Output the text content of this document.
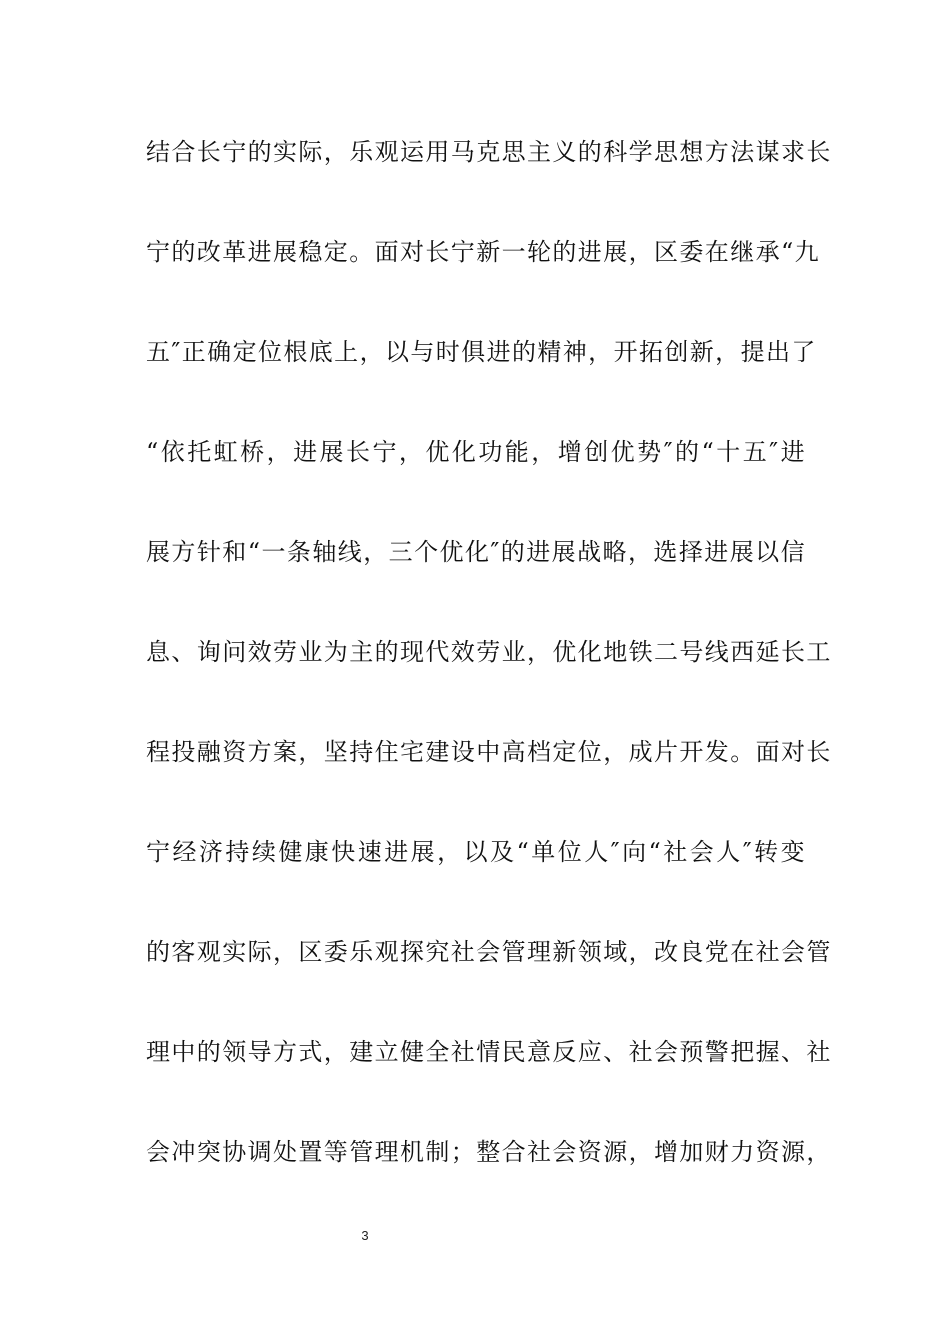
结合长宁的实际，乐观运用马克思主义的科学思想方法谋求长
宁的改革进展稳定。面对长宁新一轮的进展，区委在继承“九
五″正确定位根底上，以与时俱进的精神，开拓创新，提出了
“依托虹桥，进展长宁，优化功能，增创优势″的“十五″进
展方针和“一条轴线，三个优化″的进展战略，选择进展以信
息、询问效劳业为主的现代效劳业，优化地铁二号线西延长工
程投融资方案，坚持住宅建设中高档定位，成片开发。面对长
宁经济持续健康快速进展，以及“单位人″向“社会人″转变
的客观实际，区委乐观探究社会管理新领域，改良党在社会管
理中的领导方式，建立健全社情民意反应、社会预警把握、社
会冲突协调处置等管理机制；整合社会资源，增加财力资源，
3
